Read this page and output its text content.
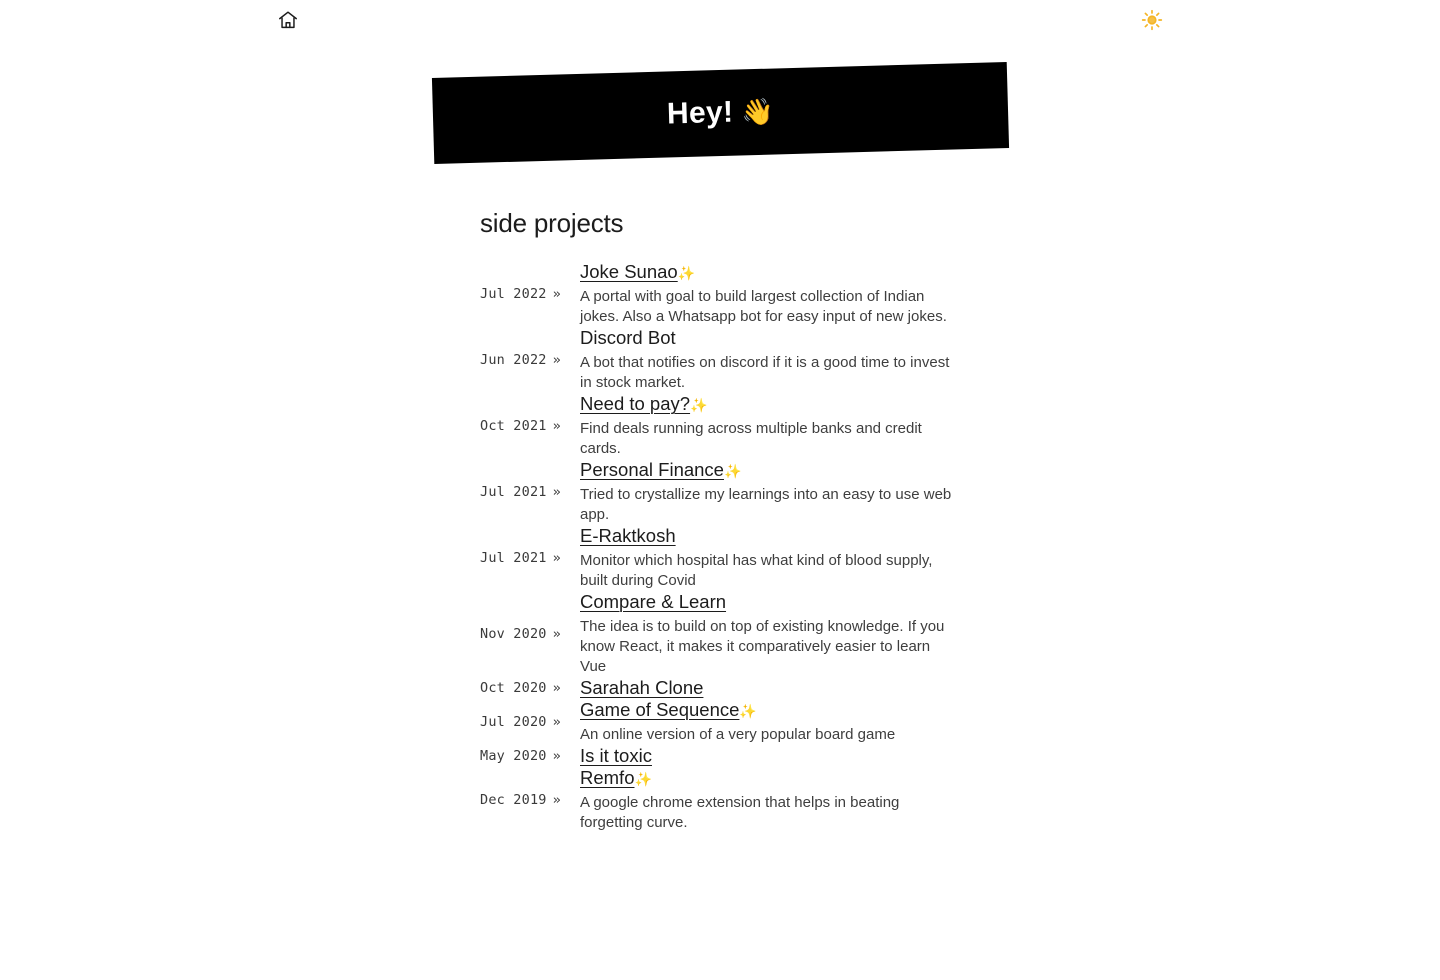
Hey! 👋
side projects
Jul 2022 »	Joke Sunao✨
A portal with goal to build largest collection of Indian jokes. Also a Whatsapp bot for easy input of new jokes.

Jun 2022 »	Discord Bot
A bot that notifies on discord if it is a good time to invest in stock market.

Oct 2021 »	Need to pay?✨
Find deals running across multiple banks and credit cards.

Jul 2021 »	Personal Finance✨
Tried to crystallize my learnings into an easy to use web app.

Jul 2021 »	E-Raktkosh
Monitor which hospital has what kind of blood supply, built during Covid

Nov 2020 »	Compare & Learn
The idea is to build on top of existing knowledge. If you know React, it makes it comparatively easier to learn Vue

Oct 2020 »	Sarahah Clone

Jul 2020 »	Game of Sequence✨
An online version of a very popular board game

May 2020 »	Is it toxic

Dec 2019 »	Remfo✨
A google chrome extension that helps in beating forgetting curve.
